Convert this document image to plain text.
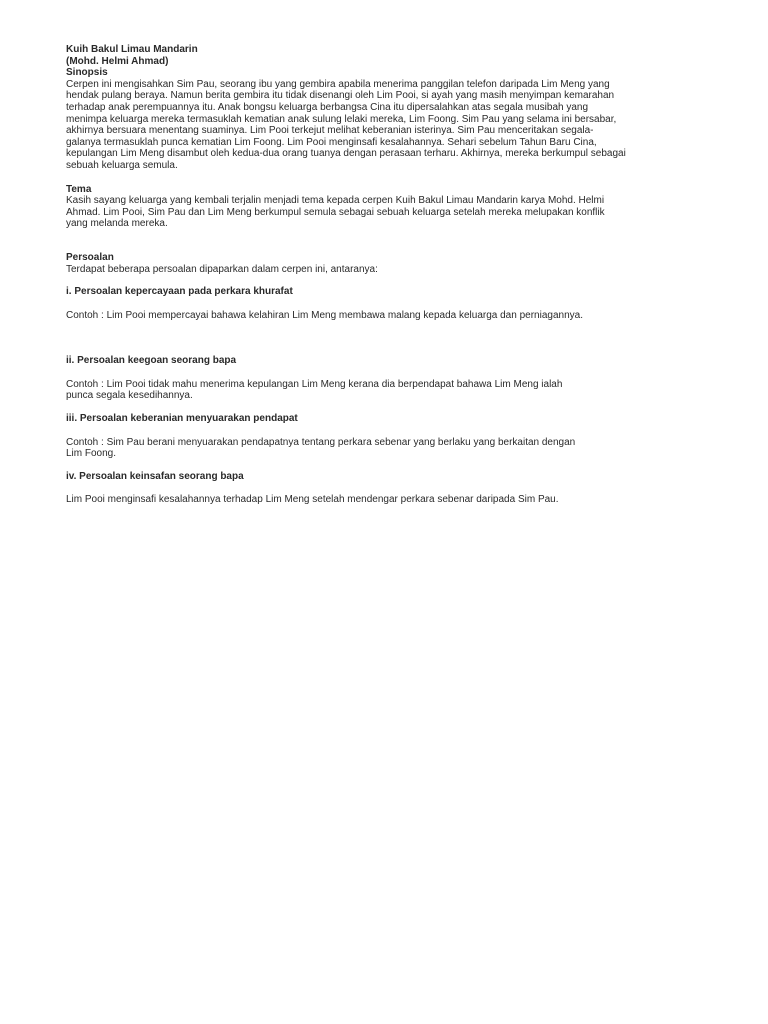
Kuih Bakul Limau Mandarin
(Mohd. Helmi Ahmad)
Sinopsis
Cerpen ini mengisahkan Sim Pau, seorang ibu yang gembira apabila menerima panggilan telefon daripada Lim Meng yang
hendak pulang beraya. Namun berita gembira itu tidak disenangi oleh Lim Pooi, si ayah yang masih menyimpan kemarahan
terhadap anak perempuannya itu. Anak bongsu keluarga berbangsa Cina itu dipersalahkan atas segala musibah yang
menimpa keluarga mereka termasuklah kematian anak sulung lelaki mereka, Lim Foong. Sim Pau yang selama ini bersabar,
akhirnya bersuara menentang suaminya. Lim Pooi terkejut melihat keberanian isterinya. Sim Pau menceritakan segala-
galanya termasuklah punca kematian Lim Foong. Lim Pooi menginsafi kesalahannya. Sehari sebelum Tahun Baru Cina,
kepulangan Lim Meng disambut oleh kedua-dua orang tuanya dengan perasaan terharu. Akhirnya, mereka berkumpul sebagai
sebuah keluarga semula.
Tema
Kasih sayang keluarga yang kembali terjalin menjadi tema kepada cerpen Kuih Bakul Limau Mandarin karya Mohd. Helmi
Ahmad. Lim Pooi, Sim Pau dan Lim Meng berkumpul semula sebagai sebuah keluarga setelah mereka melupakan konflik
yang melanda mereka.
Persoalan
Terdapat beberapa persoalan dipaparkan dalam cerpen ini, antaranya:
i. Persoalan kepercayaan pada perkara khurafat
Contoh : Lim Pooi mempercayai bahawa kelahiran Lim Meng membawa malang kepada keluarga dan perniagannya.
ii. Persoalan keegoan seorang bapa
Contoh : Lim Pooi tidak mahu menerima kepulangan Lim Meng kerana dia berpendapat bahawa Lim Meng ialah
punca segala kesedihannya.
iii. Persoalan keberanian menyuarakan pendapat
Contoh : Sim Pau berani menyuarakan pendapatnya tentang perkara sebenar yang berlaku yang berkaitan dengan
Lim Foong.
iv. Persoalan keinsafan seorang bapa
Lim Pooi menginsafi kesalahannya terhadap Lim Meng setelah mendengar perkara sebenar daripada Sim Pau.
